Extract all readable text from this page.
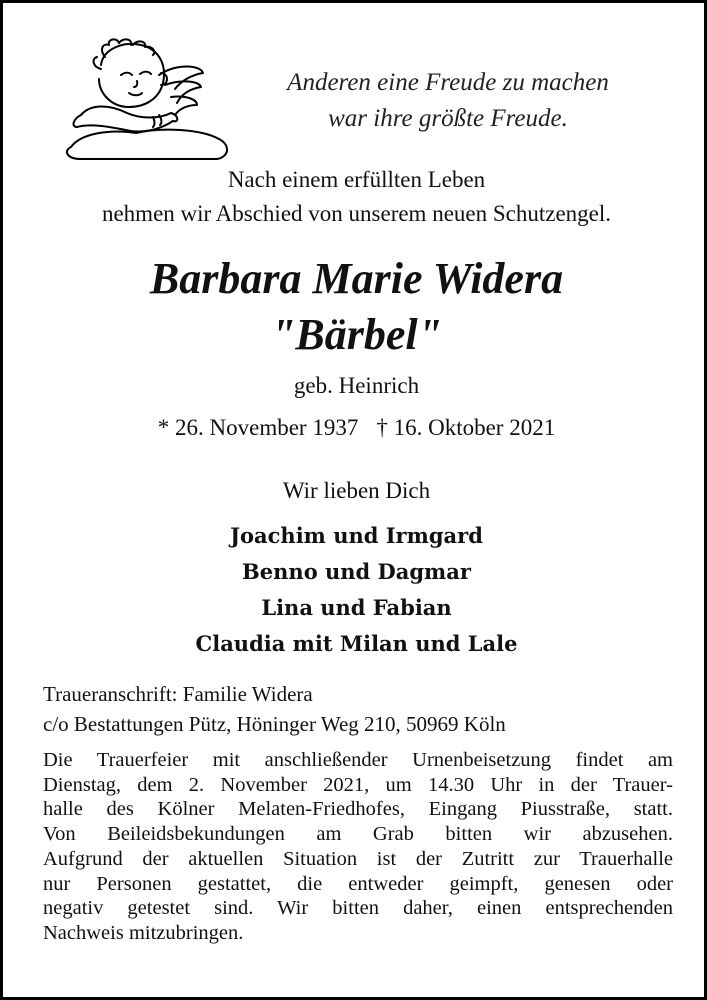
Anderen eine Freude zu machen
war ihre größte Freude.
Nach einem erfüllten Leben
nehmen wir Abschied von unserem neuen Schutzengel.
Barbara Marie Widera
"Bärbel"
geb. Heinrich
* 26. November 1937 † 16. Oktober 2021
Wir lieben Dich
Joachim und Irmgard
Benno und Dagmar
Lina und Fabian
Claudia mit Milan und Lale
Traueranschrift: Familie Widera
c/o Bestattungen Pütz, Höninger Weg 210, 50969 Köln
Die Trauerfeier mit anschließender Urnenbeisetzung findet am
Dienstag, dem 2. November 2021, um 14.30 Uhr in der Trauer-
halle des Kölner Melaten-Friedhofes, Eingang Piusstraße, statt.
Von Beileidsbekundungen am Grab bitten wir abzusehen.
Aufgrund der aktuellen Situation ist der Zutritt zur Trauerhalle
nur Personen gestattet, die entweder geimpft, genesen oder
negativ getestet sind. Wir bitten daher, einen entsprechenden
Nachweis mitzubringen.
